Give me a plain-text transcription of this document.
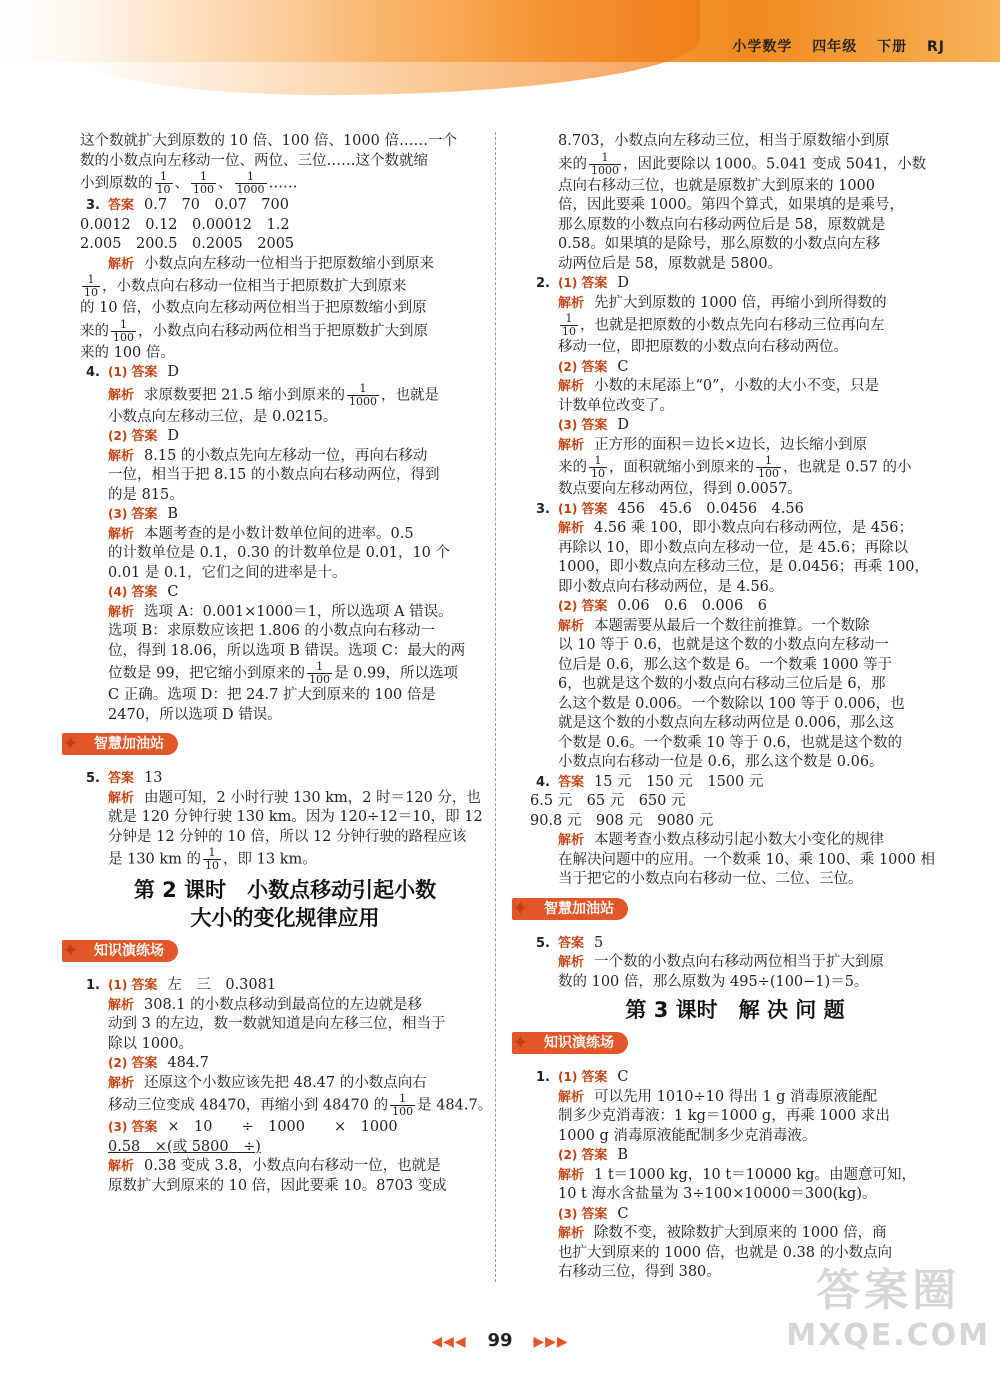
小学数学 四年级 下册 RJ

这个数就扩大到原数的 10 倍、100 倍、1000 倍……一个

数的小数点向左移动一位、两位、三位……这个数就缩

小到原数的 $\frac{1}{10}$ 、 $\frac{1}{100}$ 、 $\frac{1}{1000}$ ……

3. 答案 0.7　70　0.07　700

0.0012　0.12　0.00012　1.2

2.005　200.5　0.2005　2005

解析 小数点向左移动一位相当于把原数缩小到原来

$\frac{1}{10}$ ，小数点向右移动一位相当于把原数扩大到原来

的 10 倍，小数点向左移动两位相当于把原数缩小到原

来的 $\frac{1}{100}$ ，小数点向右移动两位相当于把原数扩大到原

来的 100 倍。

4. (1) 答案 D

解析 求原数要把 21.5 缩小到原来的 $\frac{1}{1000}$ ，也就是

小数点向左移动三位，是 0.0215。

(2) 答案 D

解析 8.15 的小数点先向左移动一位，再向右移动

一位，相当于把 8.15 的小数点向右移动两位，得到

的是 815。

(3) 答案 B

解析 本题考查的是小数计数单位间的进率。0.5

的计数单位是 0.1，0.30 的计数单位是 0.01，10 个

0.01 是 0.1，它们之间的进率是十。

(4) 答案 C

解析 选项 A：0.001×1000＝1，所以选项 A 错误。

选项 B：求原数应该把 1.806 的小数点向右移动一

位，得到 18.06，所以选项 B 错误。选项 C：最大的两

位数是 99，把它缩小到原来的 $\frac{1}{100}$ 是 0.99，所以选项

C 正确。选项 D：把 24.7 扩大到原来的 100 倍是

2470，所以选项 D 错误。

✦ 智慧加油站

5. 答案 13

解析 由题可知，2 小时行驶 130 km，2 时＝120 分，也

就是 120 分钟行驶 130 km。因为 120÷12＝10，即 12

分钟是 12 分钟的 10 倍，所以 12 分钟行驶的路程应该

是 130 km 的 $\frac{1}{10}$ ，即 13 km。

第 2 课时　小数点移动引起小数
大小的变化规律应用
✦ 知识演练场

1. (1) 答案 左　三　0.3081

解析 308.1 的小数点移动到最高位的左边就是移

动到 3 的左边，数一数就知道是向左移三位，相当于

除以 1000。

(2) 答案 484.7

解析 还原这个小数应该先把 48.47 的小数点向右

移动三位变成 48470，再缩小到 48470 的 $\frac{1}{100}$ 是 484.7。

(3) 答案 ×　10　　÷　1000　　×　1000

0.58　×(或 5800　÷)

解析 0.38 变成 3.8，小数点向右移动一位，也就是

原数扩大到原来的 10 倍，因此要乘 10。8703 变成

8.703，小数点向左移动三位，相当于原数缩小到原

来的 $\frac{1}{1000}$ ，因此要除以 1000。5.041 变成 5041，小数

点向右移动三位，也就是原数扩大到原来的 1000

倍，因此要乘 1000。第四个算式，如果填的是乘号，

那么原数的小数点向右移动两位后是 58，原数就是

0.58。如果填的是除号，那么原数的小数点向左移

动两位后是 58，原数就是 5800。

2. (1) 答案 D

解析 先扩大到原数的 1000 倍，再缩小到所得数的

$\frac{1}{10}$ ，也就是把原数的小数点先向右移动三位再向左

移动一位，即把原数的小数点向右移动两位。

(2) 答案 C

解析 小数的末尾添上“0”，小数的大小不变，只是

计数单位改变了。

(3) 答案 D

解析 正方形的面积＝边长×边长，边长缩小到原

来的 $\frac{1}{10}$ ，面积就缩小到原来的 $\frac{1}{100}$ ，也就是 0.57 的小

数点要向左移动两位，得到 0.0057。

3. (1) 答案 456　45.6　0.0456　4.56

解析 4.56 乘 100，即小数点向右移动两位，是 456；

再除以 10，即小数点向左移动一位，是 45.6；再除以

1000，即小数点向左移动三位，是 0.0456；再乘 100，

即小数点向右移动两位，是 4.56。

(2) 答案 0.06　0.6　0.006　6

解析 本题需要从最后一个数往前推算。一个数除

以 10 等于 0.6，也就是这个数的小数点向左移动一

位后是 0.6，那么这个数是 6。一个数乘 1000 等于

6，也就是这个数的小数点向右移动三位后是 6，那

么这个数是 0.006。一个数除以 100 等于 0.006，也

就是这个数的小数点向左移动两位是 0.006，那么这

个数是 0.6。一个数乘 10 等于 0.6，也就是这个数的

小数点向右移动一位是 0.6，那么这个数是 0.06。

4. 答案 15 元　150 元　1500 元

6.5 元　65 元　650 元

90.8 元　908 元　9080 元

解析 本题考查小数点移动引起小数大小变化的规律

在解决问题中的应用。一个数乘 10、乘 100、乘 1000 相

当于把它的小数点向右移动一位、二位、三位。

✦ 智慧加油站

5. 答案 5

解析 一个数的小数点向右移动两位相当于扩大到原

数的 100 倍，那么原数为 495÷(100−1)＝5。

第 3 课时　解 决 问 题
✦ 知识演练场

1. (1) 答案 C

解析 可以先用 1010÷10 得出 1 g 消毒原液能配

制多少克消毒液：1 kg＝1000 g，再乘 1000 求出

1000 g 消毒原液能配制多少克消毒液。

(2) 答案 B

解析 1 t＝1000 kg，10 t＝10000 kg。由题意可知，

10 t 海水含盐量为 3÷100×10000＝300(kg)。

(3) 答案 C

解析 除数不变，被除数扩大到原来的 1000 倍，商

也扩大到原来的 1000 倍，也就是 0.38 的小数点向

右移动三位，得到 380。

◀◀◀ 99 ▶▶▶
答案圈
MXQE.COM
